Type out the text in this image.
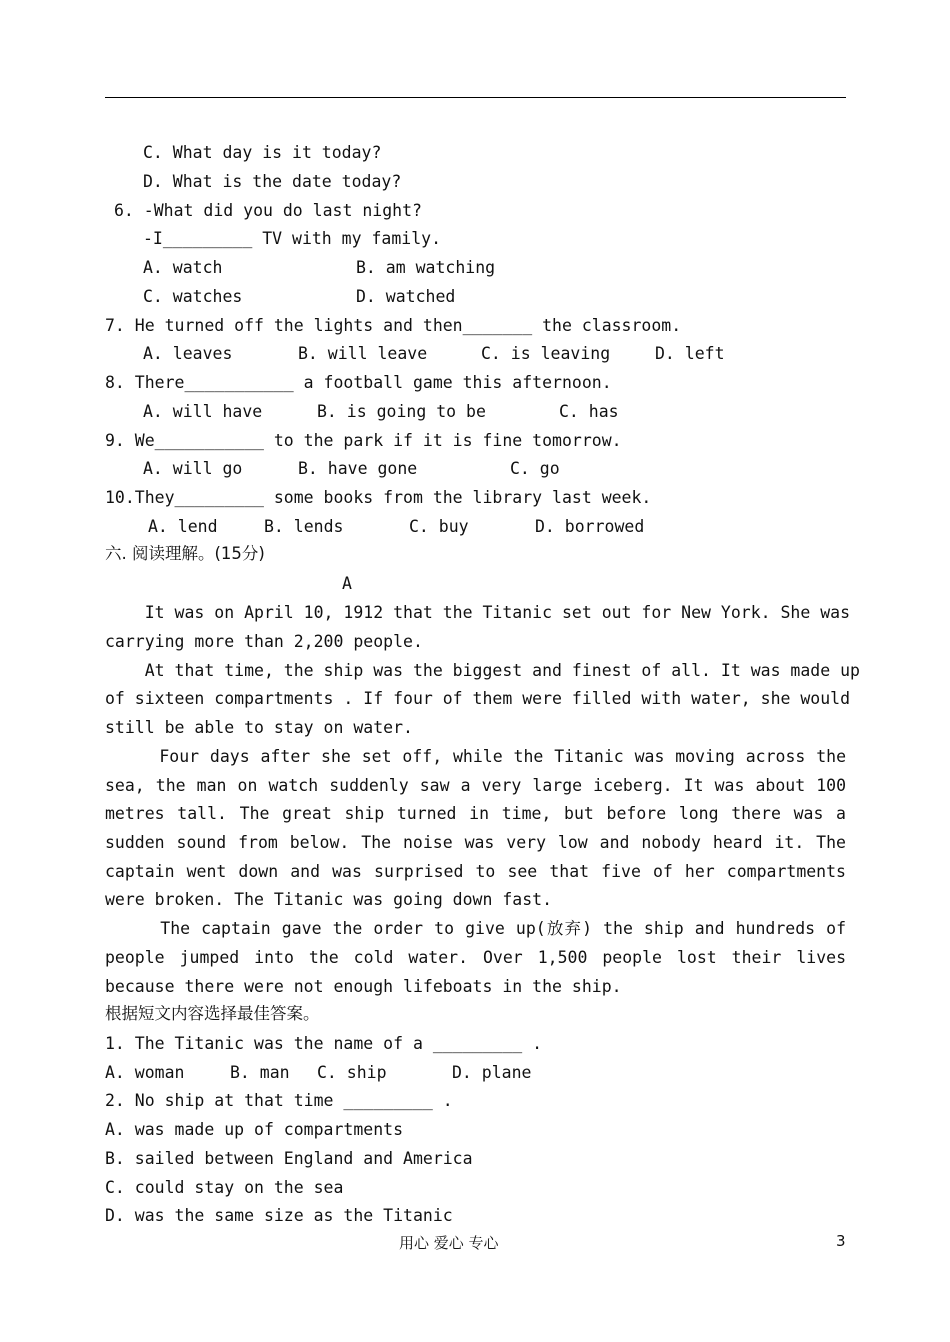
C. What day is it today?
D. What is the date today?
6. -What did you do last night?
-I_________ TV with my family.
A. watch	B. am watching
C. watches	D. watched
7. He turned off the lights and then_______ the classroom.
A. leaves	B. will leave	C. is leaving	D. left
8. There___________ a football game this afternoon.
A. will have	B. is going to be	C. has
9. We___________ to the park if it is fine tomorrow.
A. will go	B. have gone	C. go
10.They_________ some books from the library last week.
A. lend	B. lends	C. buy	D. borrowed
六. 阅读理解。(15分)
A
It was on April 10, 1912 that the Titanic set out for New York. She was
carrying more than 2,200 people.
At that time, the ship was the biggest and finest of all. It was made up
of sixteen compartments . If four of them were filled with water, she would
still be able to stay on water.
Four days after she set off, while the Titanic was moving across the
sea, the man on watch suddenly saw a very large iceberg. It was about 100
metres tall. The great ship turned in time, but before long there was a
sudden sound from below. The noise was very low and nobody heard it. The
captain went down and was surprised to see that five of her compartments
were broken. The Titanic was going down fast.
The captain gave the order to give up(放弃) the ship and hundreds of
people jumped into the cold water. Over 1,500 people lost their lives
because there were not enough lifeboats in the ship.
根据短文内容选择最佳答案。
1. The Titanic was the name of a _________ .
A. woman	B. man C. ship	D. plane
2. No ship at that time _________ .
A. was made up of compartments
B. sailed between England and America
C. could stay on the sea
D. was the same size as the Titanic
用心 爱心 专心	3
